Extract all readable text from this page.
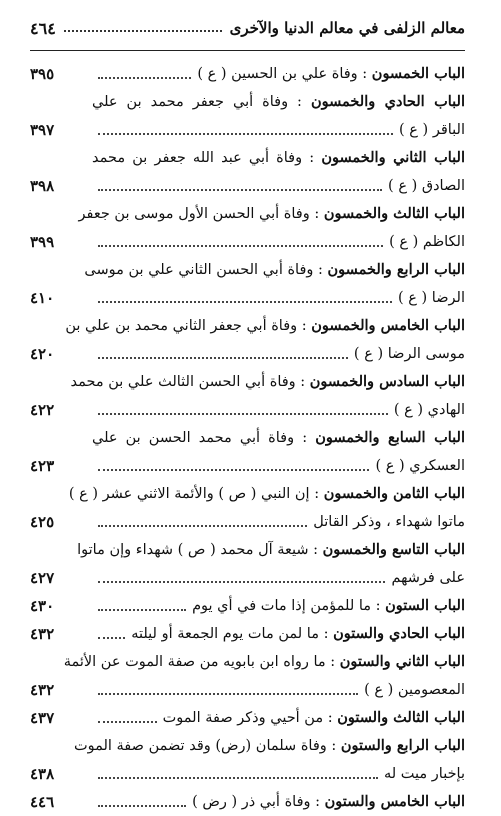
معالم الزلفى في معالم الدنيا والآخرى
٤٦٤
الباب الخمسون : وفاة علي بن الحسين ( ع )
٣٩٥
الباب الحادي والخمسون : وفاة أبي جعفر محمد بن علي
الباقر ( ع )
٣٩٧
الباب الثاني والخمسون : وفاة أبي عبد الله جعفر بن محمد
الصادق ( ع )
٣٩٨
الباب الثالث والخمسون : وفاة أبي الحسن الأول موسى بن جعفر
الكاظم ( ع )
٣٩٩
الباب الرابع والخمسون : وفاة أبي الحسن الثاني علي بن موسى
الرضا ( ع )
٤١٠
الباب الخامس والخمسون : وفاة أبي جعفر الثاني محمد بن علي بن
موسى الرضا ( ع )
٤٢٠
الباب السادس والخمسون : وفاة أبي الحسن الثالث علي بن محمد
الهادي ( ع )
٤٢٢
الباب السابع والخمسون : وفاة أبي محمد الحسن بن علي
العسكري ( ع )
٤٢٣
الباب الثامن والخمسون : إن النبي ( ص ) والأئمة الاثني عشر ( ع )
ماتوا شهداء ، وذكر القاتل
٤٢٥
الباب التاسع والخمسون : شيعة آل محمد ( ص ) شهداء وإن ماتوا
على فرشهم
٤٢٧
الباب الستون : ما للمؤمن إذا مات في أي يوم
٤٣٠
الباب الحادي والستون : ما لمن مات يوم الجمعة أو ليلته
٤٣٢
الباب الثاني والستون : ما رواه ابن بابويه من صفة الموت عن الأئمة
المعصومين ( ع )
٤٣٢
الباب الثالث والستون : من أحيي وذكر صفة الموت
٤٣٧
الباب الرابع والستون : وفاة سلمان (رض) وقد تضمن صفة الموت
بإخبار ميت له
٤٣٨
الباب الخامس والستون : وفاة أبي ذر ( رض )
٤٤٦
